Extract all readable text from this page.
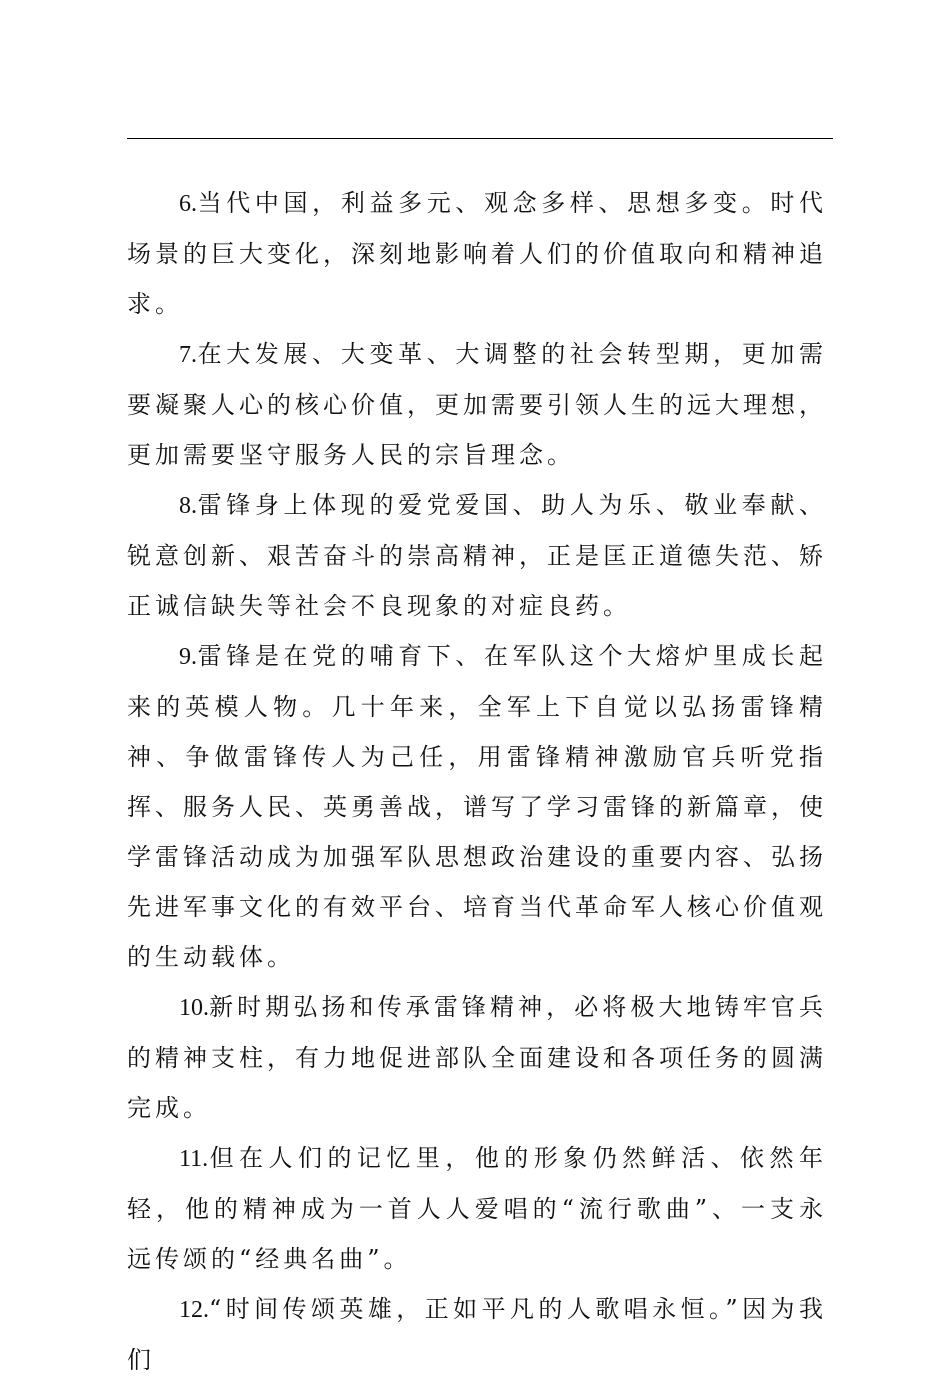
6.当代中国，利益多元、观念多样、思想多变。时代场景的巨大变化，深刻地影响着人们的价值取向和精神追求。

7.在大发展、大变革、大调整的社会转型期，更加需要凝聚人心的核心价值，更加需要引领人生的远大理想，更加需要坚守服务人民的宗旨理念。

8.雷锋身上体现的爱党爱国、助人为乐、敬业奉献、锐意创新、艰苦奋斗的崇高精神，正是匡正道德失范、矫正诚信缺失等社会不良现象的对症良药。

9.雷锋是在党的哺育下、在军队这个大熔炉里成长起来的英模人物。几十年来，全军上下自觉以弘扬雷锋精神、争做雷锋传人为己任，用雷锋精神激励官兵听党指挥、服务人民、英勇善战，谱写了学习雷锋的新篇章，使学雷锋活动成为加强军队思想政治建设的重要内容、弘扬先进军事文化的有效平台、培育当代革命军人核心价值观的生动载体。

10.新时期弘扬和传承雷锋精神，必将极大地铸牢官兵的精神支柱，有力地促进部队全面建设和各项任务的圆满完成。

11.但在人们的记忆里，他的形象仍然鲜活、依然年轻，他的精神成为一首人人爱唱的“流行歌曲”、一支永远传颂的“经典名曲”。

12.“时间传颂英雄，正如平凡的人歌唱永恒。”因为我们
